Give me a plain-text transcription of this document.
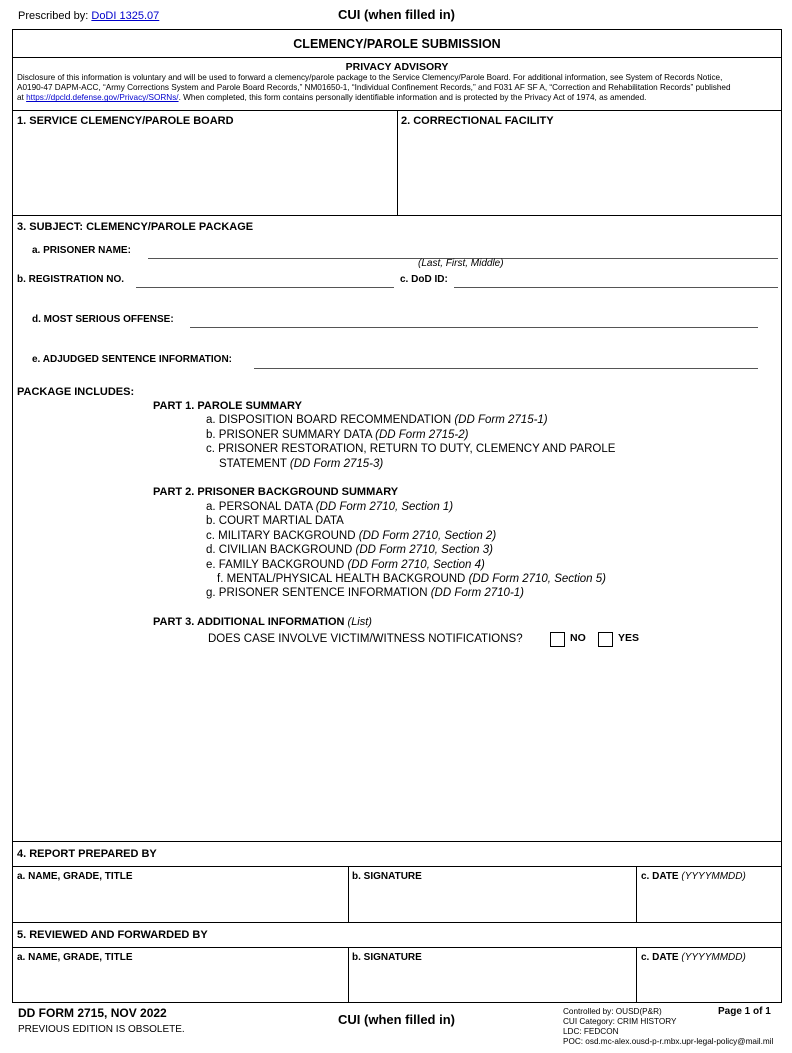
Prescribed by: DoDI 1325.07	CUI (when filled in)
CLEMENCY/PAROLE SUBMISSION
PRIVACY ADVISORY
Disclosure of this information is voluntary and will be used to forward a clemency/parole package to the Service Clemency/Parole Board. For additional information, see System of Records Notice,
A0190-47 DAPM-ACC, “Army Corrections System and Parole Board Records,” NM01650-1, “Individual Confinement Records,” and F031 AF SF A, “Correction and Rehabilitation Records” published
at https://dpcld.defense.gov/Privacy/SORNs/. When completed, this form contains personally identifiable information and is protected by the Privacy Act of 1974, as amended.
1. SERVICE CLEMENCY/PAROLE BOARD	2. CORRECTIONAL FACILITY
3. SUBJECT: CLEMENCY/PAROLE PACKAGE
a. PRISONER NAME:
(Last, First, Middle)
b. REGISTRATION NO.	c. DoD ID:
d. MOST SERIOUS OFFENSE:
e. ADJUDGED SENTENCE INFORMATION:
PACKAGE INCLUDES:
PART 1. PAROLE SUMMARY
a. DISPOSITION BOARD RECOMMENDATION (DD Form 2715-1)
b. PRISONER SUMMARY DATA (DD Form 2715-2)
c. PRISONER RESTORATION, RETURN TO DUTY, CLEMENCY AND PAROLE
STATEMENT (DD Form 2715-3)
PART 2. PRISONER BACKGROUND SUMMARY
a. PERSONAL DATA (DD Form 2710, Section 1)
b. COURT MARTIAL DATA
c. MILITARY BACKGROUND (DD Form 2710, Section 2)
d. CIVILIAN BACKGROUND (DD Form 2710, Section 3)
e. FAMILY BACKGROUND (DD Form 2710, Section 4)
f. MENTAL/PHYSICAL HEALTH BACKGROUND (DD Form 2710, Section 5)
g. PRISONER SENTENCE INFORMATION (DD Form 2710-1)
PART 3. ADDITIONAL INFORMATION (List)
DOES CASE INVOLVE VICTIM/WITNESS NOTIFICATIONS?	NO	YES
4. REPORT PREPARED BY
a. NAME, GRADE, TITLE	b. SIGNATURE	c. DATE (YYYYMMDD)
5. REVIEWED AND FORWARDED BY
a. NAME, GRADE, TITLE	b. SIGNATURE	c. DATE (YYYYMMDD)
DD FORM 2715, NOV 2022
PREVIOUS EDITION IS OBSOLETE.
CUI (when filled in)
Controlled by: OUSD(P&R)
CUI Category: CRIM HISTORY
LDC: FEDCON
POC: osd.mc-alex.ousd-p-r.mbx.upr-legal-policy@mail.mil
Page 1 of 1
